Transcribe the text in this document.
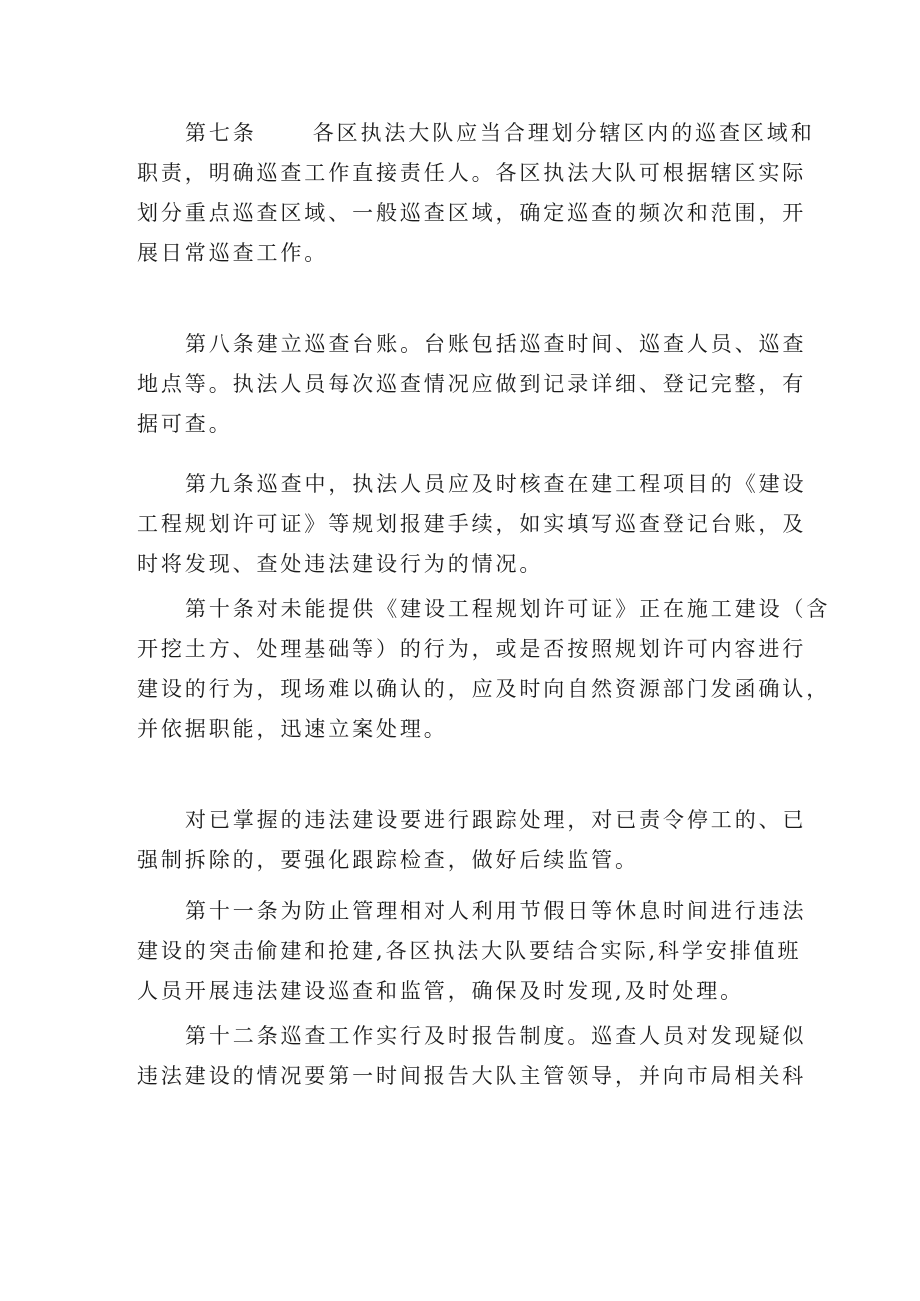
第七条	各区执法大队应当合理划分辖区内的巡查区域和
职责，明确巡查工作直接责任人。各区执法大队可根据辖区实际
划分重点巡查区域、一般巡查区域，确定巡查的频次和范围，开
展日常巡查工作。
第八条建立巡查台账。台账包括巡查时间、巡查人员、巡查
地点等。执法人员每次巡查情况应做到记录详细、登记完整，有
据可查。
第九条巡查中，执法人员应及时核查在建工程项目的《建设
工程规划许可证》等规划报建手续，如实填写巡查登记台账，及
时将发现、查处违法建设行为的情况。
第十条对未能提供《建设工程规划许可证》正在施工建设（含
开挖土方、处理基础等）的行为，或是否按照规划许可内容进行
建设的行为，现场难以确认的，应及时向自然资源部门发函确认，
并依据职能，迅速立案处理。
对已掌握的违法建设要进行跟踪处理，对已责令停工的、已
强制拆除的，要强化跟踪检查，做好后续监管。
第十一条为防止管理相对人利用节假日等休息时间进行违法
建设的突击偷建和抢建,各区执法大队要结合实际,科学安排值班
人员开展违法建设巡查和监管，确保及时发现,及时处理。
第十二条巡查工作实行及时报告制度。巡查人员对发现疑似
违法建设的情况要第一时间报告大队主管领导，并向市局相关科
